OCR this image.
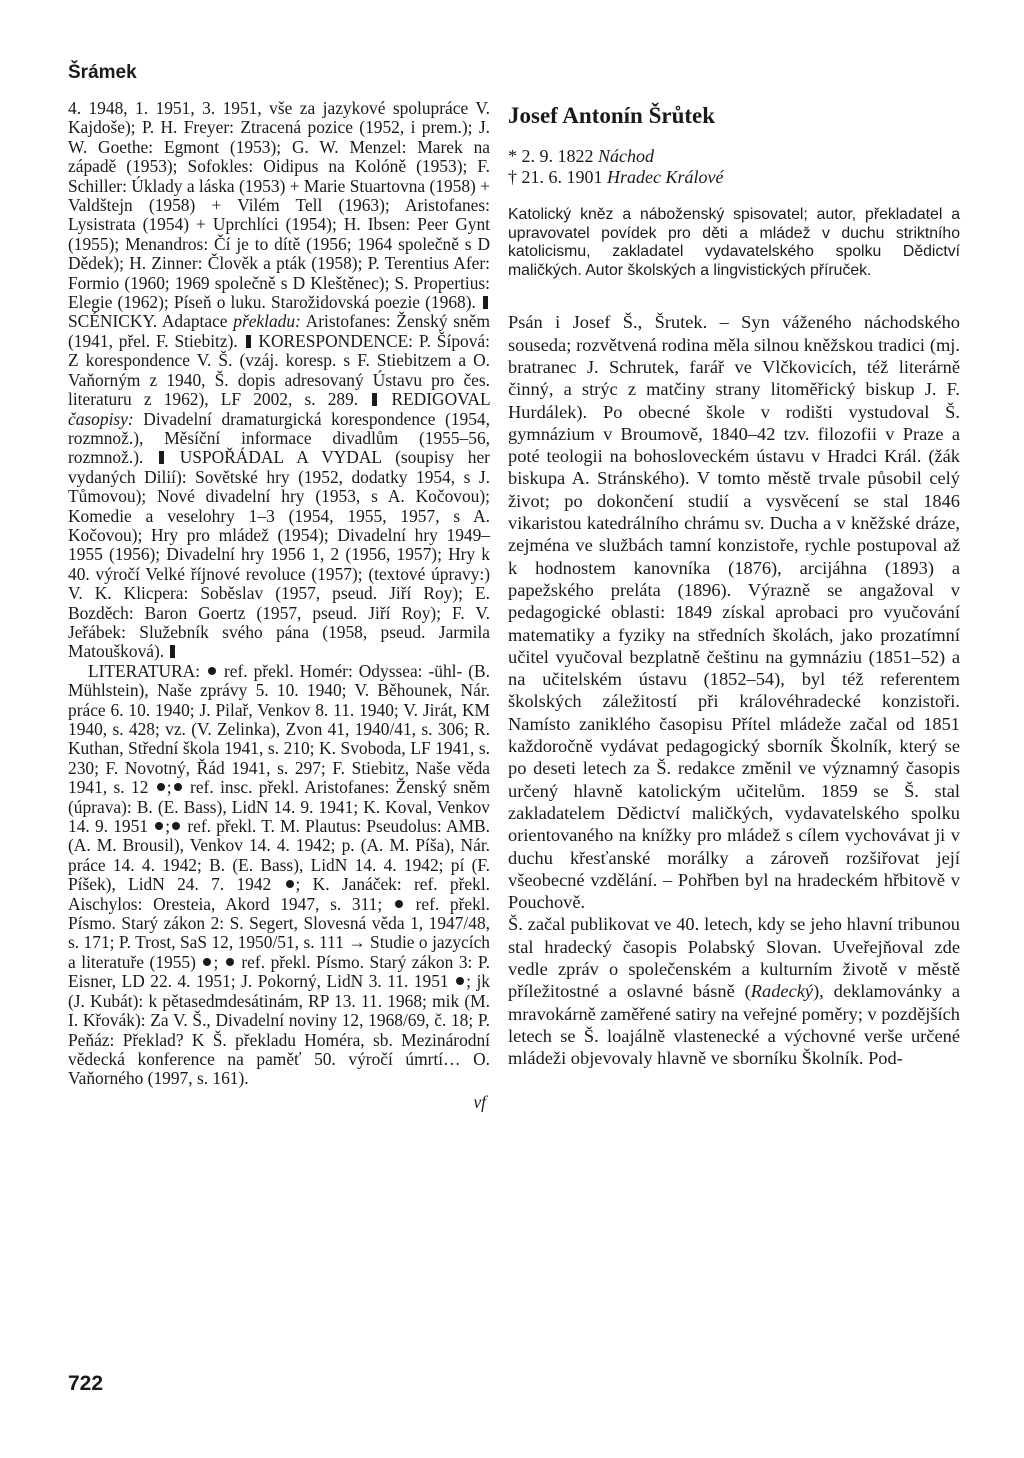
Šrámek

4. 1948, 1. 1951, 3. 1951, vše za jazykové spolupráce V. Kajdoše); P. H. Freyer: Ztracená pozice (1952, i prem.); J. W. Goethe: Egmont (1953); G. W. Menzel: Marek na západě (1953); Sofokles: Oidipus na Kolóně (1953); F. Schiller: Úklady a láska (1953) + Marie Stuartovna (1958) + Valdštejn (1958) + Vilém Tell (1963); Aristofanes: Lysistrata (1954) + Uprchlíci (1954); H. Ibsen: Peer Gynt (1955); Menandros: Čí je to dítě (1956; 1964 společně s D Dědek); H. Zinner: Člověk a pták (1958); P. Terentius Afer: Formio (1960; 1969 společně s D Kleštěnec); S. Propertius: Elegie (1962); Píseň o luku. Starožidovská poezie (1968).  SCÉNICKY. Adaptace překladu: Aristofanes: Ženský sněm (1941, přel. F. Stiebitz). KORESPONDENCE: P. Šípová: Z korespondence V. Š. (vzáj. koresp. s F. Stiebitzem a O. Vaňorným z 1940, Š. dopis adresovaný Ústavu pro čes. literaturu z 1962), LF 2002, s. 289. REDIGOVAL časopisy: Divadelní dramaturgická korespondence (1954, rozmnož.), Měsíční informace divadlům (1955–56, rozmnož.). USPOŘÁDAL A VYDAL (soupisy her vydaných Dilií): Sovětské hry (1952, dodatky 1954, s J. Tůmovou); Nové divadelní hry (1953, s A. Kočovou); Komedie a veselohry 1–3 (1954, 1955, 1957, s A. Kočovou); Hry pro mládež (1954); Divadelní hry 1949–1955 (1956); Divadelní hry 1956 1, 2 (1956, 1957); Hry k 40. výročí Velké říjnové revoluce (1957); (textové úpravy:) V. K. Klicpera: Soběslav (1957, pseud. Jiří Roy); E. Bozděch: Baron Goertz (1957, pseud. Jiří Roy); F. V. Jeřábek: Služebník svého pána (1958, pseud. Jarmila Matoušková).

LITERATURA: ref. překl. Homér: Odyssea: -ühl- (B. Mühlstein), Naše zprávy 5. 10. 1940; V. Běhounek, Nár. práce 6. 10. 1940; J. Pilař, Venkov 8. 11. 1940; V. Jirát, KM 1940, s. 428; vz. (V. Zelinka), Zvon 41, 1940/41, s. 306; R. Kuthan, Střední škola 1941, s. 210; K. Svoboda, LF 1941, s. 230; F. Novotný, Řád 1941, s. 297; F. Stiebitz, Naše věda 1941, s. 12 ; ref. insc. překl. Aristofanes: Ženský sněm (úprava): B. (E. Bass), LidN 14. 9. 1941; K. Koval, Venkov 14. 9. 1951 ; ref. překl. T. M. Plautus: Pseudolus: AMB. (A. M. Brousil), Venkov 14. 4. 1942; p. (A. M. Píša), Nár. práce 14. 4. 1942; B. (E. Bass), LidN 14. 4. 1942; pí (F. Píšek), LidN 24. 7. 1942 ; K. Janáček: ref. překl. Aischylos: Oresteia, Akord 1947, s. 311; ref. překl. Písmo. Starý zákon 2: S. Segert, Slovesná věda 1, 1947/48, s. 171; P. Trost, SaS 12, 1950/51, s. 111 → Studie o jazycích a literatuře (1955) ;  ref. překl. Písmo. Starý zákon 3: P. Eisner, LD 22. 4. 1951; J. Pokorný, LidN 3. 11. 1951 ; jk (J. Kubát): k pětasedmdesátinám, RP 13. 11. 1968; mik (M. I. Křovák): Za V. Š., Divadelní noviny 12, 1968/69, č. 18; P. Peňáz: Překlad? K Š. překladu Homéra, sb. Mezinárodní vědecká konference na paměť 50. výročí úmrtí… O. Vaňorného (1997, s. 161).

vf

Josef Antonín Šrůtek

* 2. 9. 1822 Náchod

† 21. 6. 1901 Hradec Králové

Katolický kněz a náboženský spisovatel; autor, překladatel a upravovatel povídek pro děti a mládež v duchu striktního katolicismu, zakladatel vydavatelského spolku Dědictví maličkých. Autor školských a lingvistických příruček.

Psán i Josef Š., Šrutek. – Syn váženého náchodského souseda; rozvětvená rodina měla silnou kněžskou tradici (mj. bratranec J. Schrutek, farář ve Vlčkovicích, též literárně činný, a strýc z matčiny strany litoměřický biskup J. F. Hurdálek). Po obecné škole v rodišti vystudoval Š. gymnázium v Broumově, 1840–42 tzv. filozofii v Praze a poté teologii na bohosloveckém ústavu v Hradci Král. (žák biskupa A. Stránského). V tomto městě trvale působil celý život; po dokončení studií a vysvěcení se stal 1846 vikaristou katedrálního chrámu sv. Ducha a v kněžské dráze, zejména ve službách tamní konzistoře, rychle postupoval až k hodnostem kanovníka (1876), arcijáhna (1893) a papežského preláta (1896). Výrazně se angažoval v pedagogické oblasti: 1849 získal aprobaci pro vyučování matematiky a fyziky na středních školách, jako prozatímní učitel vyučoval bezplatně češtinu na gymnáziu (1851–52) a na učitelském ústavu (1852–54), byl též referentem školských záležitostí při královéhradecké konzistoři. Namísto zaniklého časopisu Přítel mládeže začal od 1851 každoročně vydávat pedagogický sborník Školník, který se po deseti letech za Š. redakce změnil ve významný časopis určený hlavně katolickým učitelům. 1859 se Š. stal zakladatelem Dědictví maličkých, vydavatelského spolku orientovaného na knížky pro mládež s cílem vychovávat ji v duchu křesťanské morálky a zároveň rozšiřovat její všeobecné vzdělání. – Pohřben byl na hradeckém hřbitově v Pouchově.

Š. začal publikovat ve 40. letech, kdy se jeho hlavní tribunou stal hradecký časopis Polabský Slovan. Uveřejňoval zde vedle zpráv o společenském a kulturním životě v městě příležitostné a oslavné básně (Radecký), deklamovánky a mravokárně zaměřené satiry na veřejné poměry; v pozdějších letech se Š. loajálně vlastenecké a výchovné verše určené mládeži objevovaly hlavně ve sborníku Školník. Pod-

722
